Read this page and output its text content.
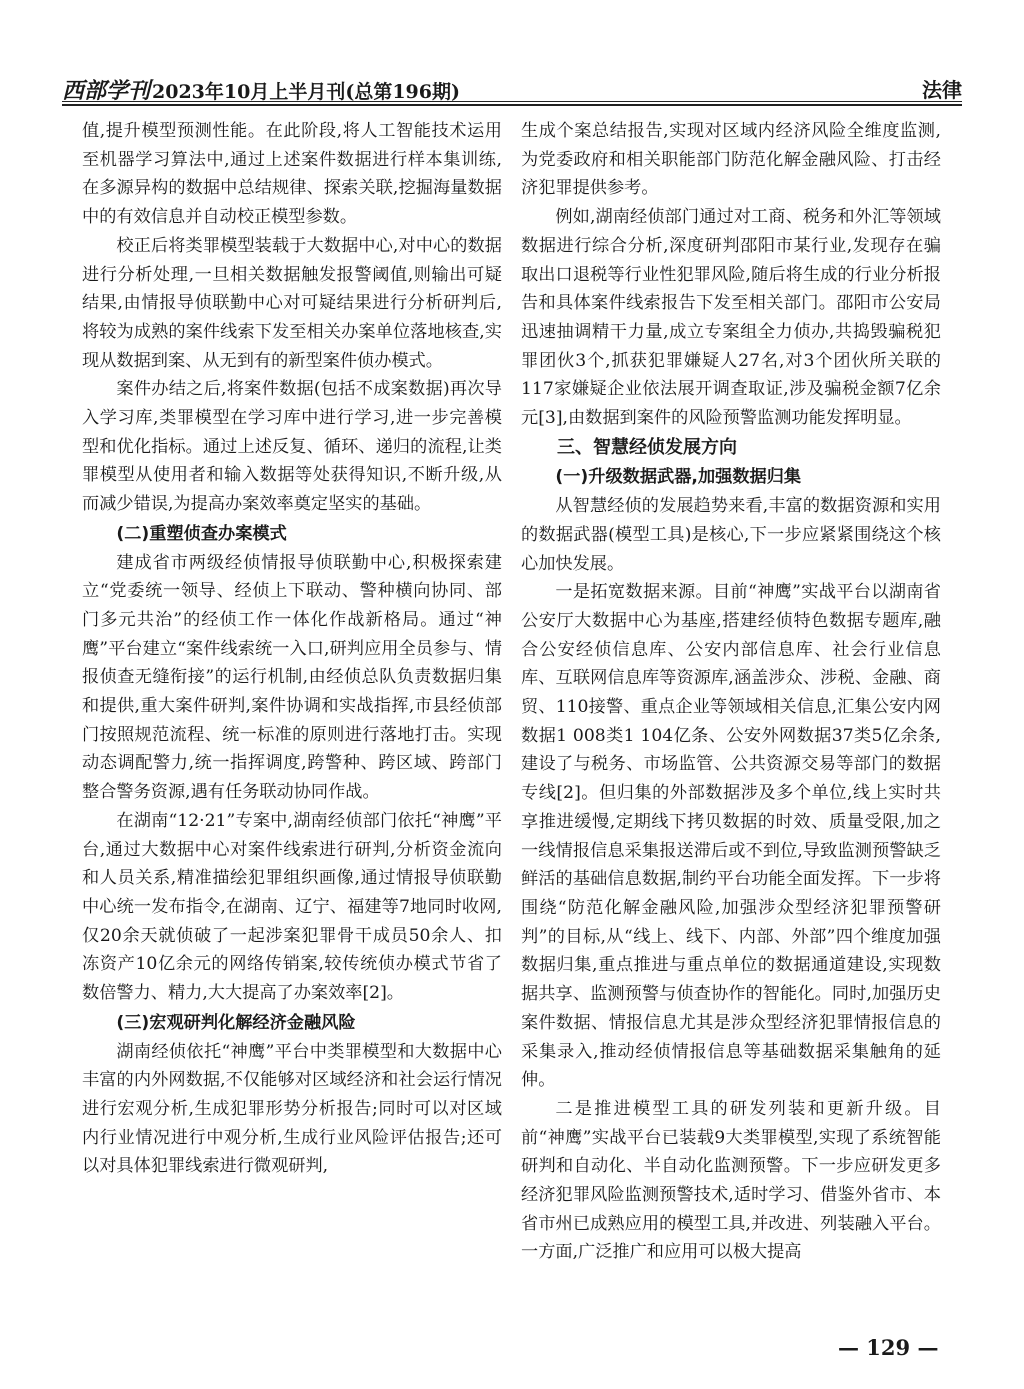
西部学刊 2023年10月上半月刊(总第196期)	法律

值,提升模型预测性能。在此阶段,将人工智能技术运用至机器学习算法中,通过上述案件数据进行样本集训练,在多源异构的数据中总结规律、探索关联,挖掘海量数据中的有效信息并自动校正模型参数。

校正后将类罪模型装载于大数据中心,对中心的数据进行分析处理,一旦相关数据触发报警阈值,则输出可疑结果,由情报导侦联勤中心对可疑结果进行分析研判后,将较为成熟的案件线索下发至相关办案单位落地核查,实现从数据到案、从无到有的新型案件侦办模式。

案件办结之后,将案件数据(包括不成案数据)再次导入学习库,类罪模型在学习库中进行学习,进一步完善模型和优化指标。通过上述反复、循环、递归的流程,让类罪模型从使用者和输入数据等处获得知识,不断升级,从而减少错误,为提高办案效率奠定坚实的基础。

(二)重塑侦查办案模式

建成省市两级经侦情报导侦联勤中心,积极探索建立“党委统一领导、经侦上下联动、警种横向协同、部门多元共治”的经侦工作一体化作战新格局。通过“神鹰”平台建立“案件线索统一入口,研判应用全员参与、情报侦查无缝衔接”的运行机制,由经侦总队负责数据归集和提供,重大案件研判,案件协调和实战指挥,市县经侦部门按照规范流程、统一标准的原则进行落地打击。实现动态调配警力,统一指挥调度,跨警种、跨区域、跨部门整合警务资源,遇有任务联动协同作战。

在湖南“12·21”专案中,湖南经侦部门依托“神鹰”平台,通过大数据中心对案件线索进行研判,分析资金流向和人员关系,精准描绘犯罪组织画像,通过情报导侦联勤中心统一发布指令,在湖南、辽宁、福建等7地同时收网,仅20余天就侦破了一起涉案犯罪骨干成员50余人、扣冻资产10亿余元的网络传销案,较传统侦办模式节省了数倍警力、精力,大大提高了办案效率[2]。

(三)宏观研判化解经济金融风险

湖南经侦依托“神鹰”平台中类罪模型和大数据中心丰富的内外网数据,不仅能够对区域经济和社会运行情况进行宏观分析,生成犯罪形势分析报告;同时可以对区域内行业情况进行中观分析,生成行业风险评估报告;还可以对具体犯罪线索进行微观研判,

生成个案总结报告,实现对区域内经济风险全维度监测,为党委政府和相关职能部门防范化解金融风险、打击经济犯罪提供参考。

例如,湖南经侦部门通过对工商、税务和外汇等领域数据进行综合分析,深度研判邵阳市某行业,发现存在骗取出口退税等行业性犯罪风险,随后将生成的行业分析报告和具体案件线索报告下发至相关部门。邵阳市公安局迅速抽调精干力量,成立专案组全力侦办,共捣毁骗税犯罪团伙3个,抓获犯罪嫌疑人27名,对3个团伙所关联的117家嫌疑企业依法展开调查取证,涉及骗税金额7亿余元[3],由数据到案件的风险预警监测功能发挥明显。

三、智慧经侦发展方向

(一)升级数据武器,加强数据归集

从智慧经侦的发展趋势来看,丰富的数据资源和实用的数据武器(模型工具)是核心,下一步应紧紧围绕这个核心加快发展。

一是拓宽数据来源。目前“神鹰”实战平台以湖南省公安厅大数据中心为基座,搭建经侦特色数据专题库,融合公安经侦信息库、公安内部信息库、社会行业信息库、互联网信息库等资源库,涵盖涉众、涉税、金融、商贸、110接警、重点企业等领域相关信息,汇集公安内网数据1 008类1 104亿条、公安外网数据37类5亿余条,建设了与税务、市场监管、公共资源交易等部门的数据专线[2]。但归集的外部数据涉及多个单位,线上实时共享推进缓慢,定期线下拷贝数据的时效、质量受限,加之一线情报信息采集报送滞后或不到位,导致监测预警缺乏鲜活的基础信息数据,制约平台功能全面发挥。下一步将围绕“防范化解金融风险,加强涉众型经济犯罪预警研判”的目标,从“线上、线下、内部、外部”四个维度加强数据归集,重点推进与重点单位的数据通道建设,实现数据共享、监测预警与侦查协作的智能化。同时,加强历史案件数据、情报信息尤其是涉众型经济犯罪情报信息的采集录入,推动经侦情报信息等基础数据采集触角的延伸。

二是推进模型工具的研发列装和更新升级。目前“神鹰”实战平台已装载9大类罪模型,实现了系统智能研判和自动化、半自动化监测预警。下一步应研发更多经济犯罪风险监测预警技术,适时学习、借鉴外省市、本省市州已成熟应用的模型工具,并改进、列装融入平台。一方面,广泛推广和应用可以极大提高

— 129 —
